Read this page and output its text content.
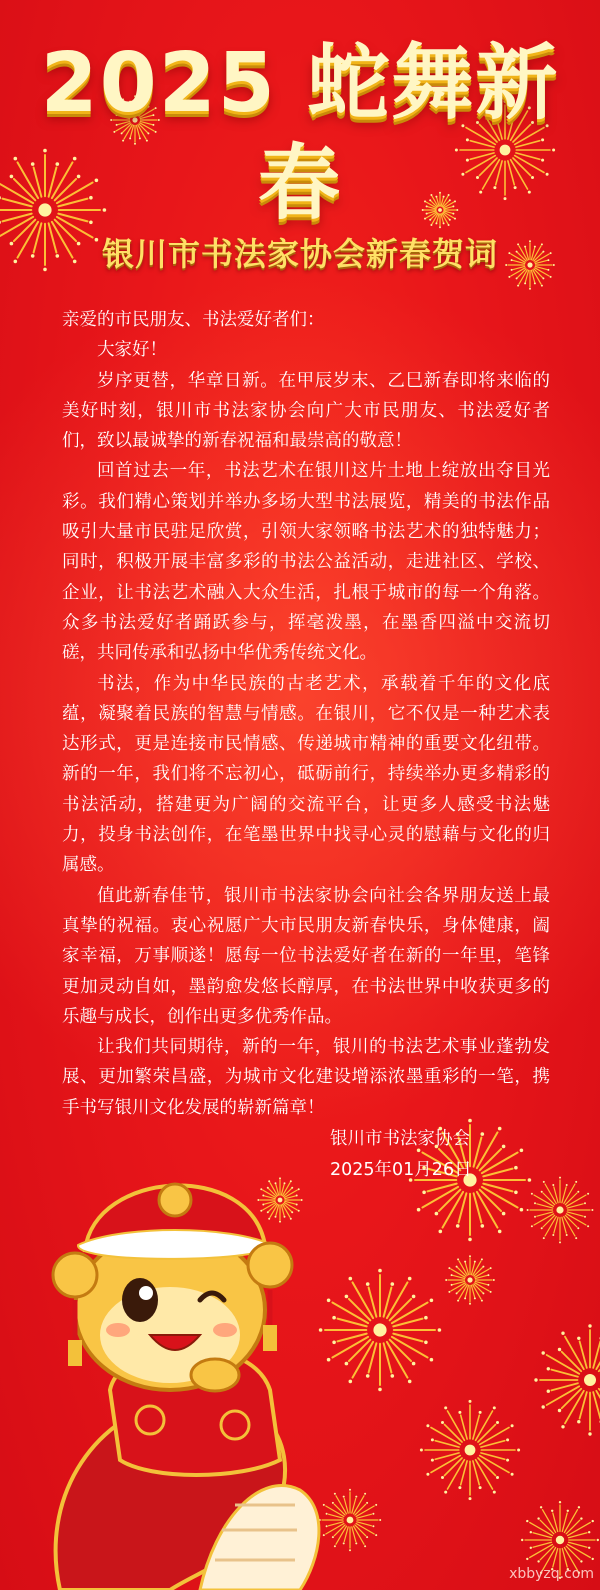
2025 蛇舞新春
银川市书法家协会新春贺词

亲爱的市民朋友、书法爱好者们：

大家好！

岁序更替，华章日新。在甲辰岁末、乙巳新春即将来临的美好时刻，银川市书法家协会向广大市民朋友、书法爱好者们，致以最诚挚的新春祝福和最崇高的敬意！

回首过去一年，书法艺术在银川这片土地上绽放出夺目光彩。我们精心策划并举办多场大型书法展览，精美的书法作品吸引大量市民驻足欣赏，引领大家领略书法艺术的独特魅力；同时，积极开展丰富多彩的书法公益活动，走进社区、学校、企业，让书法艺术融入大众生活，扎根于城市的每一个角落。众多书法爱好者踊跃参与，挥毫泼墨，在墨香四溢中交流切磋，共同传承和弘扬中华优秀传统文化。

书法，作为中华民族的古老艺术，承载着千年的文化底蕴，凝聚着民族的智慧与情感。在银川，它不仅是一种艺术表达形式，更是连接市民情感、传递城市精神的重要文化纽带。新的一年，我们将不忘初心，砥砺前行，持续举办更多精彩的书法活动，搭建更为广阔的交流平台，让更多人感受书法魅力，投身书法创作，在笔墨世界中找寻心灵的慰藉与文化的归属感。

值此新春佳节，银川市书法家协会向社会各界朋友送上最真挚的祝福。衷心祝愿广大市民朋友新春快乐，身体健康，阖家幸福，万事顺遂！愿每一位书法爱好者在新的一年里，笔锋更加灵动自如，墨韵愈发悠长醇厚，在书法世界中收获更多的乐趣与成长，创作出更多优秀作品。

让我们共同期待，新的一年，银川的书法艺术事业蓬勃发展、更加繁荣昌盛，为城市文化建设增添浓墨重彩的一笔，携手书写银川文化发展的崭新篇章！

银川市书法家协会
2025年01月26日
xbbyzq.com
